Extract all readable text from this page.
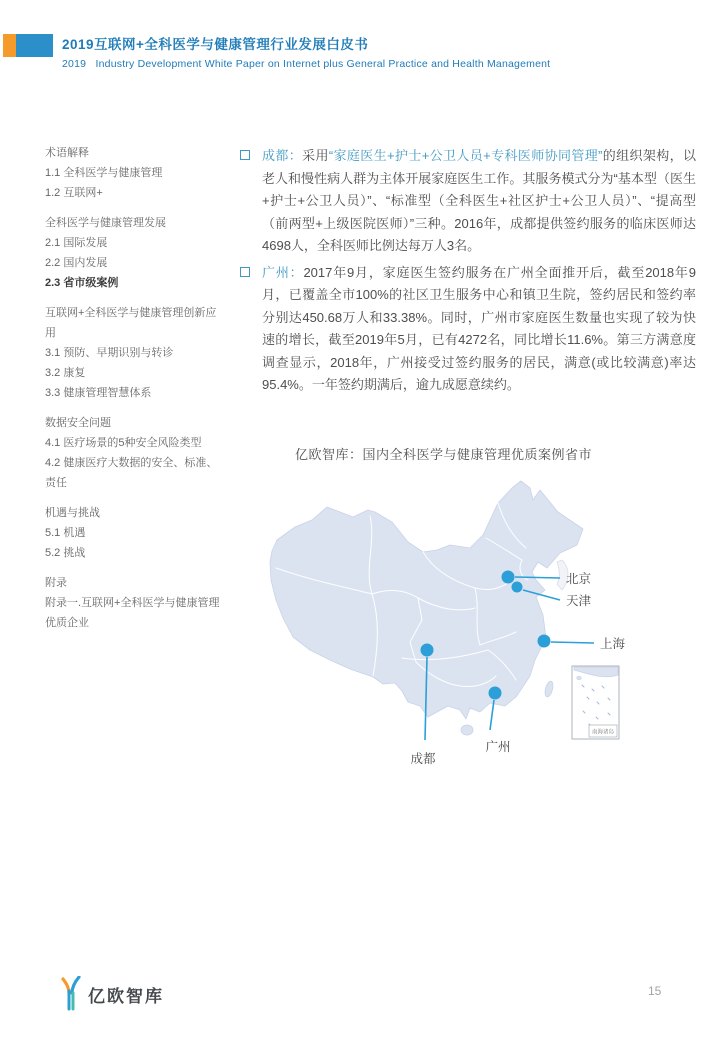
2019互联网+全科医学与健康管理行业发展白皮书
2019   Industry Development White Paper on Internet plus General Practice and Health Management
术语解释
1.1 全科医学与健康管理
1.2 互联网+
全科医学与健康管理发展
2.1 国际发展
2.2 国内发展
2.3 省市级案例
互联网+全科医学与健康管理创新应用
3.1 预防、早期识别与转诊
3.2 康复
3.3 健康管理智慧体系
数据安全问题
4.1 医疗场景的5种安全风险类型
4.2 健康医疗大数据的安全、标准、责任
机遇与挑战
5.1 机遇
5.2 挑战
附录
附录一.互联网+全科医学与健康管理优质企业

成都：采用“家庭医生+护士+公卫人员+专科医师协同管理”的组织架构，以老人和慢性病人群为主体开展家庭医生工作。其服务模式分为“基本型（医生+护士+公卫人员）”、“标准型（全科医生+社区护士+公卫人员）”、“提高型（前两型+上级医院医师）”三种。2016年，成都提供签约服务的临床医师达4698人，全科医师比例达每万人3名。

广州：2017年9月，家庭医生签约服务在广州全面推开后，截至2018年9月，已覆盖全市100%的社区卫生服务中心和镇卫生院，签约居民和签约率分别达450.68万人和33.38%。同时，广州市家庭医生数量也实现了较为快速的增长，截至2019年5月，已有4272名，同比增长11.6%。第三方满意度调查显示，2018年，广州接受过签约服务的居民，满意(或比较满意)率达95.4%。一年签约期满后，逾九成愿意续约。

亿欧智库：国内全科医学与健康管理优质案例省市
南海诸岛
北京
天津
上海
成都
广州
亿欧智库	15
